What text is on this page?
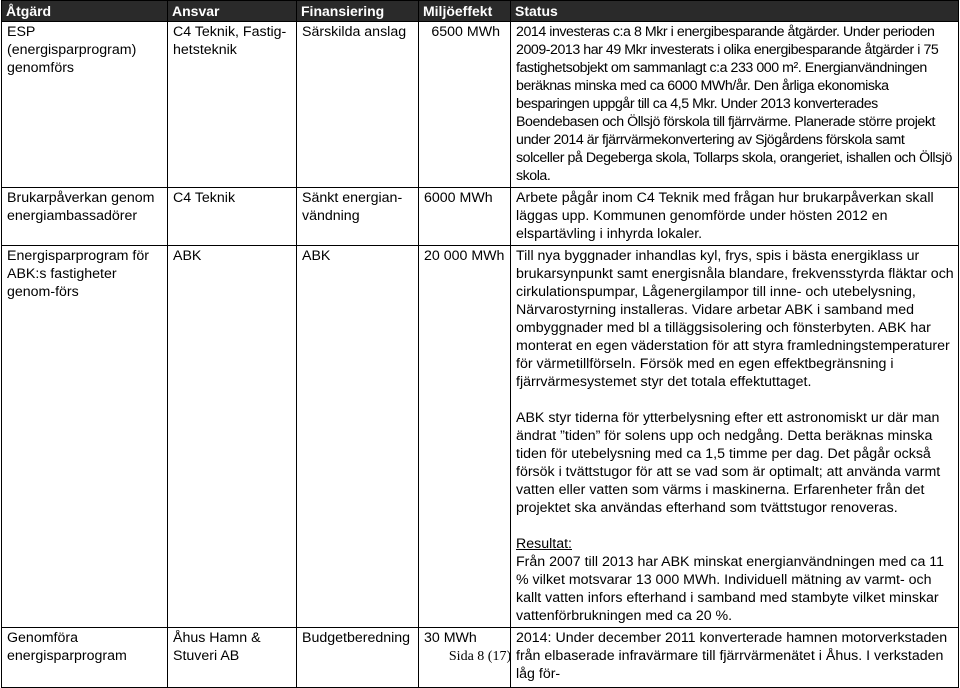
Åtgärd	Ansvar	Finansiering	Miljöeffekt	Status
ESP (energisparprogram) genomförs	C4 Teknik, Fastig-hetsteknik	Särskilda anslag	6500 MWh	2014 investeras c:a 8 Mkr i energibesparande åtgärder. Under perioden 2009-2013 har 49 Mkr investerats i olika energibesparande åtgärder i 75 fastighetsobjekt om sammanlagt c:a 233 000 m². Energianvändningen beräknas minska med ca 6000 MWh/år. Den årliga ekonomiska besparingen uppgår till ca 4,5 Mkr. Under 2013 konverterades Boendebasen och Öllsjö förskola till fjärrvärme. Planerade större projekt under 2014 är fjärrvärmekonvertering av Sjögårdens förskola samt solceller på Degeberga skola, Tollarps skola, orangeriet, ishallen och Öllsjö skola.
Brukarpåverkan genom energiambassadörer	C4 Teknik	Sänkt energian-vändning	6000 MWh	Arbete pågår inom C4 Teknik med frågan hur brukarpåverkan skall läggas upp. Kommunen genomförde under hösten 2012 en elspartävling i inhyrda lokaler.
Energisparprogram för ABK:s fastigheter genom-förs	ABK	ABK	20 000 MWh	Till nya byggnader inhandlas kyl, frys, spis i bästa energiklass ur brukarsynpunkt samt energisnåla blandare, frekvensstyrda fläktar och cirkulationspumpar, Lågenergilampor till inne- och utebelysning, Närvarostyrning installeras. Vidare arbetar ABK i samband med ombyggnader med bl a tilläggsisolering och fönsterbyten. ABK har monterat en egen väderstation för att styra framledningstemperaturer för värmetillförseln. Försök med en egen effektbegränsning i fjärrvärmesystemet styr det totala effektuttaget.

ABK styr tiderna för ytterbelysning efter ett astronomiskt ur där man ändrat ”tiden” för solens upp och nedgång. Detta beräknas minska tiden för utebelysning med ca 1,5 timme per dag. Det pågår också försök i tvättstugor för att se vad som är optimalt; att använda varmt vatten eller vatten som värms i maskinerna. Erfarenheter från det projektet ska användas efterhand som tvättstugor renoveras.

Resultat:

Från 2007 till 2013 har ABK minskat energianvändningen med ca 11 % vilket motsvarar 13 000 MWh. Individuell mätning av varmt- och kallt vatten infors efterhand i samband med stambyte vilket minskar vattenförbrukningen med ca 20 %.

Genomföra energisparprogram	Åhus Hamn & Stuveri AB	Budgetberedning	30 MWh	2014: Under december 2011 konverterade hamnen motorverkstaden från elbaserade infravärmare till fjärrvärmenätet i Åhus. I verkstaden låg för-
Sida 8 (17)
